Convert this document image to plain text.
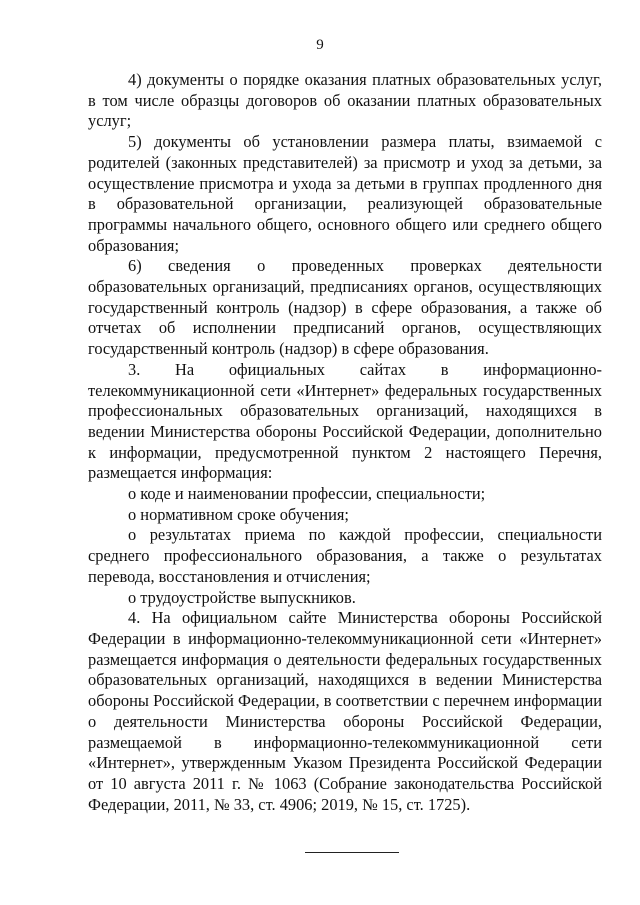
9

4) документы о порядке оказания платных образовательных услуг, в том числе образцы договоров об оказании платных образовательных услуг;

5) документы об установлении размера платы, взимаемой с родителей (законных представителей) за присмотр и уход за детьми, за осуществление присмотра и ухода за детьми в группах продленного дня в образовательной организации, реализующей образовательные программы начального общего, основного общего или среднего общего образования;

6) сведения о проведенных проверках деятельности образовательных организаций, предписаниях органов, осуществляющих государственный контроль (надзор) в сфере образования, а также об отчетах об исполнении предписаний органов, осуществляющих государственный контроль (надзор) в сфере образования.

3. На официальных сайтах в информационно-телекоммуникационной сети «Интернет» федеральных государственных профессиональных образовательных организаций, находящихся в ведении Министерства обороны Российской Федерации, дополнительно к информации, предусмотренной пунктом 2 настоящего Перечня, размещается информация:

о коде и наименовании профессии, специальности;

о нормативном сроке обучения;

о результатах приема по каждой профессии, специальности среднего профессионального образования, а также о результатах перевода, восстановления и отчисления;

о трудоустройстве выпускников.

4. На официальном сайте Министерства обороны Российской Федерации в информационно-телекоммуникационной сети «Интернет» размещается информация о деятельности федеральных государственных образовательных организаций, находящихся в ведении Министерства обороны Российской Федерации, в соответствии с перечнем информации о деятельности Министерства обороны Российской Федерации, размещаемой в информационно-телекоммуникационной сети «Интернет», утвержденным Указом Президента Российской Федерации от 10 августа 2011 г. № 1063 (Собрание законодательства Российской Федерации, 2011, № 33, ст. 4906; 2019, № 15, ст. 1725).
